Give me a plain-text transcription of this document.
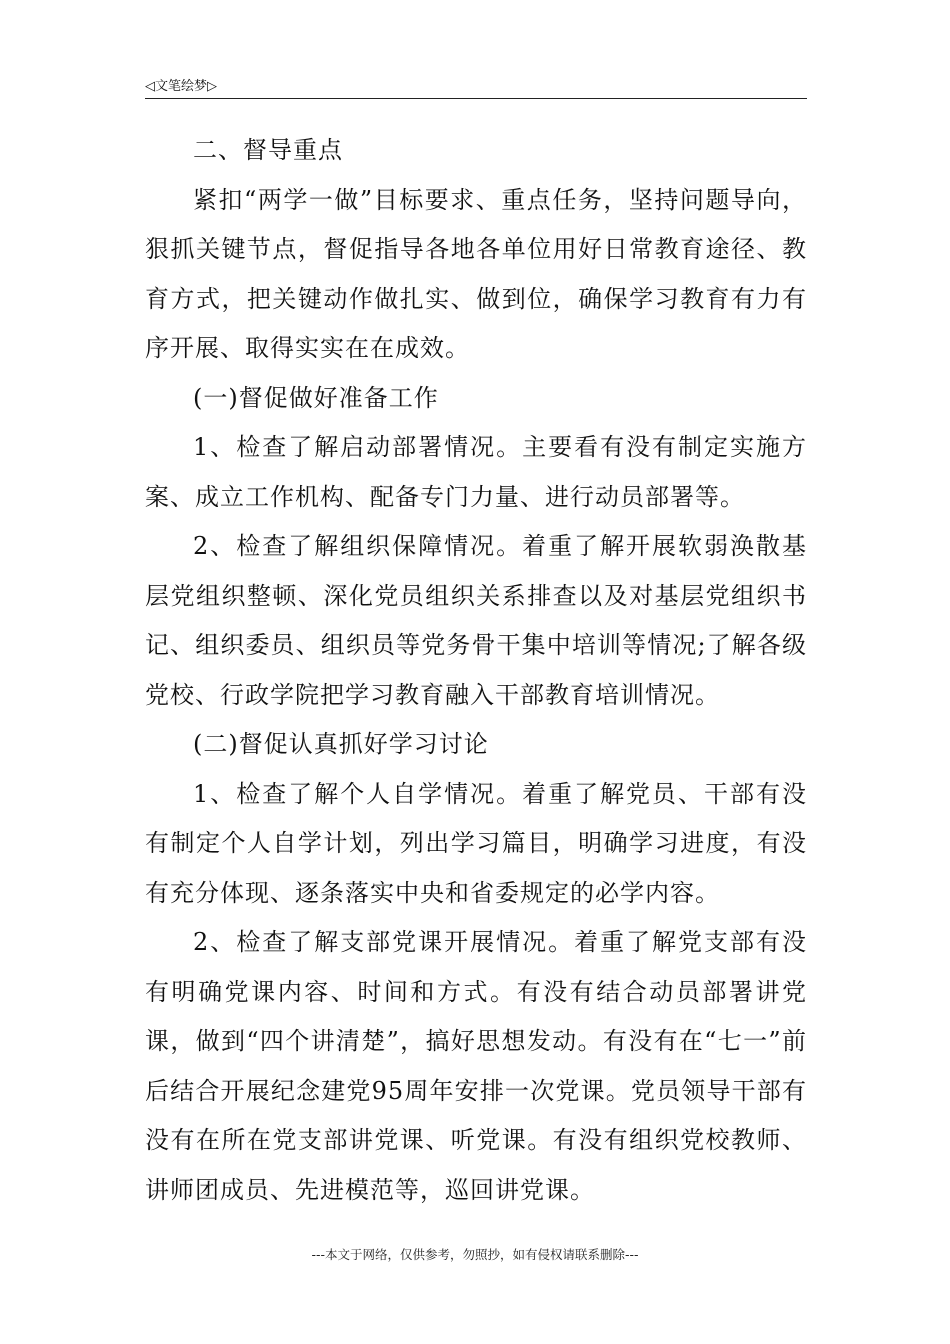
◁文笔绘梦▷

二、督导重点

紧扣“两学一做”目标要求、重点任务，坚持问题导向，狠抓关键节点，督促指导各地各单位用好日常教育途径、教育方式，把关键动作做扎实、做到位，确保学习教育有力有序开展、取得实实在在成效。

(一)督促做好准备工作

1、检查了解启动部署情况。主要看有没有制定实施方案、成立工作机构、配备专门力量、进行动员部署等。

2、检查了解组织保障情况。着重了解开展软弱涣散基层党组织整顿、深化党员组织关系排查以及对基层党组织书记、组织委员、组织员等党务骨干集中培训等情况;了解各级党校、行政学院把学习教育融入干部教育培训情况。

(二)督促认真抓好学习讨论

1、检查了解个人自学情况。着重了解党员、干部有没有制定个人自学计划，列出学习篇目，明确学习进度，有没有充分体现、逐条落实中央和省委规定的必学内容。

2、检查了解支部党课开展情况。着重了解党支部有没有明确党课内容、时间和方式。有没有结合动员部署讲党课，做到“四个讲清楚”，搞好思想发动。有没有在“七一”前后结合开展纪念建党95周年安排一次党课。党员领导干部有没有在所在党支部讲党课、听党课。有没有组织党校教师、讲师团成员、先进模范等，巡回讲党课。

---本文于网络，仅供参考，勿照抄，如有侵权请联系删除---
